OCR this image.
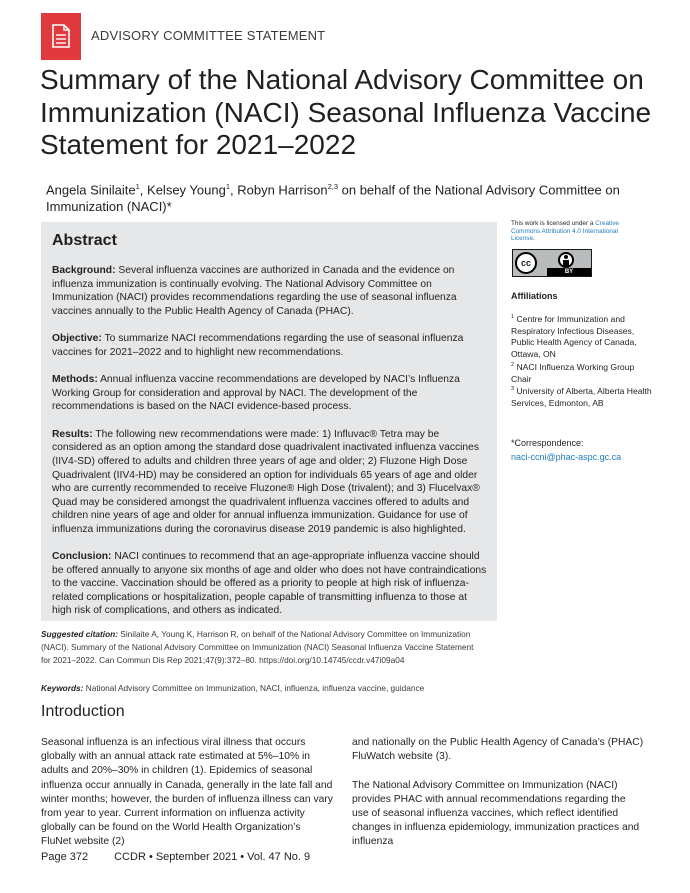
ADVISORY COMMITTEE STATEMENT
Summary of the National Advisory Committee on Immunization (NACI) Seasonal Influenza Vaccine Statement for 2021–2022
Angela Sinilaite$^1$, Kelsey Young$^1$, Robyn Harrison$^{2,3}$ on behalf of the National Advisory Committee on Immunization (NACI)*
Abstract

Background: Several influenza vaccines are authorized in Canada and the evidence on influenza immunization is continually evolving. The National Advisory Committee on Immunization (NACI) provides recommendations regarding the use of seasonal influenza vaccines annually to the Public Health Agency of Canada (PHAC).

Objective: To summarize NACI recommendations regarding the use of seasonal influenza vaccines for 2021–2022 and to highlight new recommendations.

Methods: Annual influenza vaccine recommendations are developed by NACI’s Influenza Working Group for consideration and approval by NACI. The development of the recommendations is based on the NACI evidence-based process.

Results: The following new recommendations were made: 1) Influvac® Tetra may be considered as an option among the standard dose quadrivalent inactivated influenza vaccines (IIV4-SD) offered to adults and children three years of age and older; 2) Fluzone High Dose Quadrivalent (IIV4-HD) may be considered an option for individuals 65 years of age and older who are currently recommended to receive Fluzone® High Dose (trivalent); and 3) Flucelvax® Quad may be considered amongst the quadrivalent influenza vaccines offered to adults and children nine years of age and older for annual influenza immunization. Guidance for use of influenza immunizations during the coronavirus disease 2019 pandemic is also highlighted.

Conclusion: NACI continues to recommend that an age-appropriate influenza vaccine should be offered annually to anyone six months of age and older who does not have contraindications to the vaccine. Vaccination should be offered as a priority to people at high risk of influenza-related complications or hospitalization, people capable of transmitting influenza to those at high risk of complications, and others as indicated.

This work is licensed under a Creative Commons Attribution 4.0 International License.
cc
BY
Affiliations
$^1$ Centre for Immunization and Respiratory Infectious Diseases, Public Health Agency of Canada, Ottawa, ON
$^2$ NACI Influenza Working Group Chair
$^3$ University of Alberta, Alberta Health Services, Edmonton, AB
*Correspondence:
naci-ccni@phac-aspc.gc.ca
Suggested citation: Sinilaite A, Young K, Harrison R, on behalf of the National Advisory Committee on Immunization (NACI). Summary of the National Advisory Committee on Immunization (NACI) Seasonal Influenza Vaccine Statement for 2021–2022. Can Commun Dis Rep 2021;47(9):372–80. https://doi.org/10.14745/ccdr.v47i09a04
Keywords: National Advisory Committee on Immunization, NACI, influenza, influenza vaccine, guidance
Introduction

Seasonal influenza is an infectious viral illness that occurs globally with an annual attack rate estimated at 5%–10% in adults and 20%–30% in children (1). Epidemics of seasonal influenza occur annually in Canada, generally in the late fall and winter months; however, the burden of influenza illness can vary from year to year. Current information on influenza activity globally can be found on the World Health Organization’s FluNet website (2)

and nationally on the Public Health Agency of Canada’s (PHAC) FluWatch website (3).

The National Advisory Committee on Immunization (NACI) provides PHAC with annual recommendations regarding the use of seasonal influenza vaccines, which reflect identified changes in influenza epidemiology, immunization practices and influenza

Page 372 CCDR • September 2021 • Vol. 47 No. 9
